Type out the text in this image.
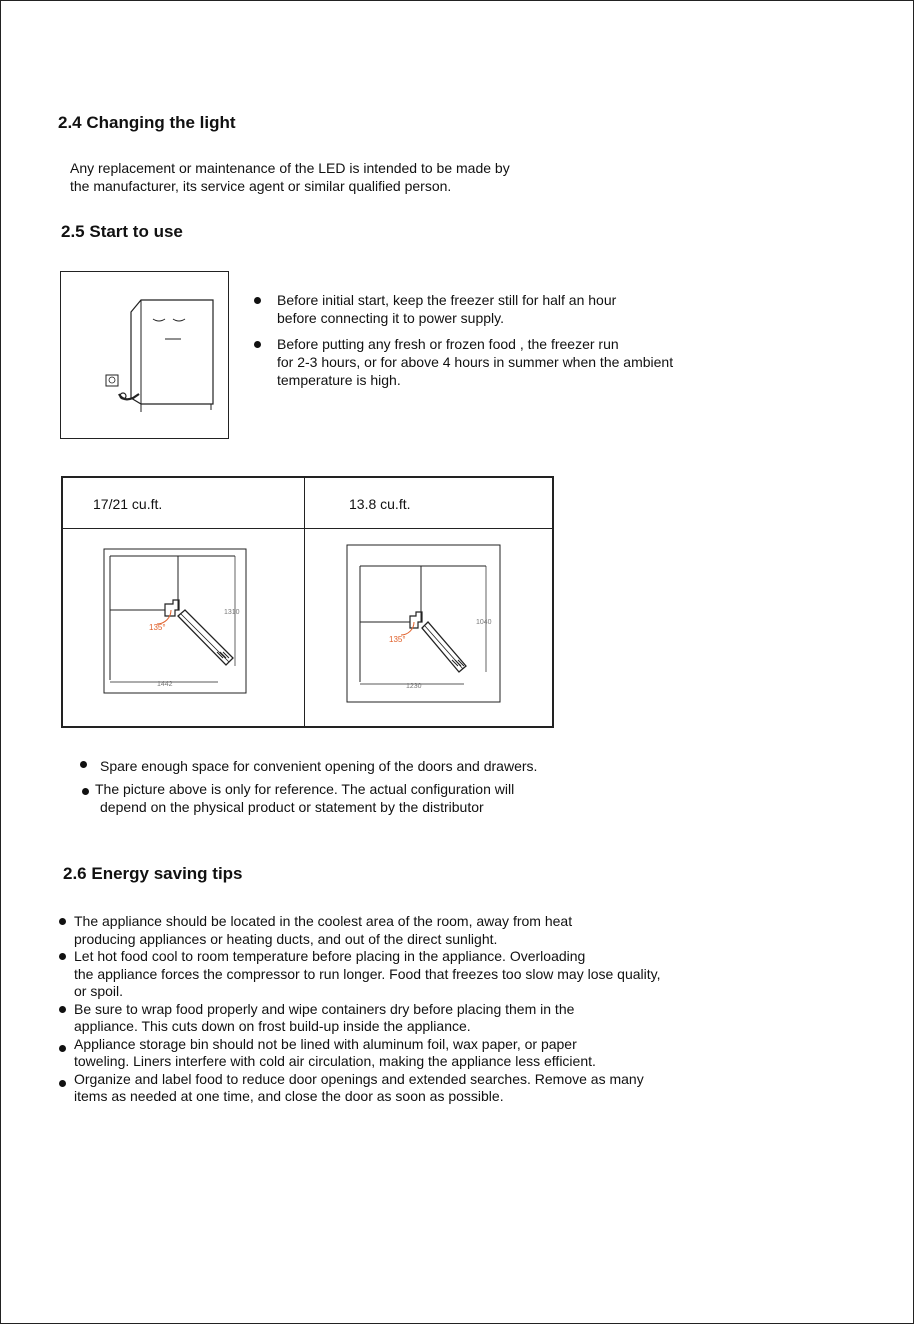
2.4 Changing the light
Any replacement or maintenance of the LED is intended to be made by
the manufacturer, its service agent or similar qualified person.
2.5 Start to use
Before initial start, keep the freezer still for half an hour
before connecting it to power supply.
Before putting any fresh or frozen food , the freezer run
for 2-3 hours, or for above 4 hours in summer when the ambient
temperature is high.
17/21 cu.ft.	13.8 cu.ft.
135°
1310
1442
135°
1040
1230
Spare enough space for convenient opening of the doors and drawers.
The picture above is only for reference. The actual configuration will
depend on the physical product or statement by the distributor
2.6 Energy saving tips
The appliance should be located in the coolest area of the room, away from heat
producing appliances or heating ducts, and out of the direct sunlight.
Let hot food cool to room temperature before placing in the appliance. Overloading
the appliance forces the compressor to run longer. Food that freezes too slow may lose quality,
or spoil.
Be sure to wrap food properly and wipe containers dry before placing them in the
appliance. This cuts down on frost build-up inside the appliance.
Appliance storage bin should not be lined with aluminum foil, wax paper, or paper
toweling. Liners interfere with cold air circulation, making the appliance less efficient.
Organize and label food to reduce door openings and extended searches. Remove as many
items as needed at one time, and close the door as soon as possible.
